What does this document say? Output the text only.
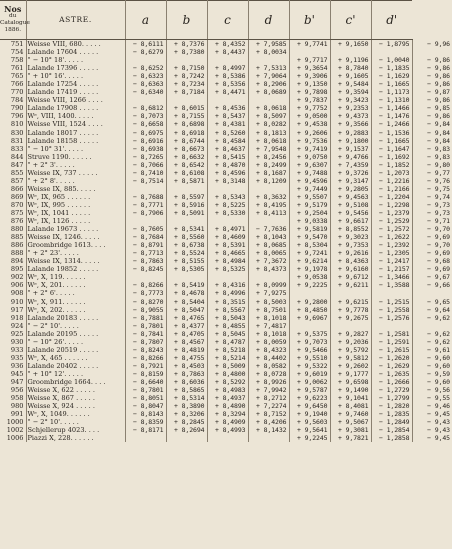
Nos
du Catalogue
1886.	ASTRE.	a	b	c	d	b'	c'	d'	
751	Weisse VIII, 680. . . . .	− 8,6111	+ 8,7376	+ 8,4352	+ 7,9585	+ 9,7741	+ 9,1650	− 1,8795	− 9,96
754	Lalande 17604 . . . . .	− 8,6279	+ 8,7380	+ 8,4437	+ 8,0034				
758	" − 10° 18'. . . . .					+ 9,7717	+ 9,1196	− 1,0040	− 9,86
761	Lalande 17396 . . . . .	− 8,6252	+ 8,7150	+ 8,4997	+ 7,5313	+ 9,3654	+ 8,7840	− 1,1835	− 9,86
765	" + 10° 16'. . . . .	− 8,6323	+ 8,7242	+ 8,5386	+ 7,9064	+ 9,3906	+ 9,1605	− 1,1629	− 9,86
766	Lalande 17254 . . . . .	− 8,6363	+ 8,7234	+ 8,5356	+ 8,2906	+ 9,1350	+ 9,5484	− 1,1665	− 9,86
770	Lalande 17419 . . . . .	− 8,6340	+ 8,7184	+ 8,4471	+ 8,0689	+ 9,7898	+ 9,3594	− 1,1173	− 9,87
784	Weisse VIII, 1266 . . . .					+ 9,7837	+ 9,3423	− 1,1310	− 9,86
790	Lalande 17908 . . . . .	− 8,6812	+ 8,6015	+ 8,4536	+ 8,0618	+ 9,7752	+ 9,2353	− 1,1466	− 9,85
796	Wᵉ, VIII, 1400. . . . .	− 8,7073	+ 8,7155	+ 8,5437	+ 8,5097	+ 9,0500	+ 9,4373	− 1,1476	− 9,86
810	Weisse VIII, 1524 . . . .	− 8,6658	+ 8,6898	+ 8,4381	+ 8,0282	+ 9,4538	+ 9,3566	− 1,2466	− 9,84
830	Lalande 18017 . . . . .	− 8,6975	+ 8,6918	+ 8,5260	+ 8,1813	+ 9,2606	+ 9,2883	− 1,1536	− 9,84
831	Lalande 18158 . . . . .	− 8,6916	+ 8,6744	+ 8,4584	+ 8,0618	+ 9,7536	+ 9,1800	− 1,1665	− 9,84
833	" − 10° 31'. . . . .	− 8,6938	+ 8,6673	+ 8,4637	+ 7,9548	+ 9,7419	+ 9,1537	− 1,1647	− 9,83
844	Struve 1190. . . . . .	− 8,7265	+ 8,6632	+ 8,5415	+ 8,2456	+ 9,0750	+ 9,4766	− 1,1692	− 9,83
847	" + 2° 3'. . . . .	− 8,7066	+ 8,6542	+ 8,4870	+ 8,2499	+ 9,6307	+ 7,4359	− 1,1852	− 9,80
855	Weisse IX, 737 . . . . .	− 8,7410	+ 8,6108	+ 8,4596	+ 8,1687	+ 9,7488	+ 9,3726	− 1,2073	− 9,77
857	" + 2° 8'. . . . .	− 8,7514	+ 8,5871	+ 8,3148	+ 8,1209	+ 9,4596	+ 9,3147	− 1,2216	− 9,76
866	Weisse IX, 885. . . . .					+ 9,7449	+ 9,2805	− 1,2166	− 9,75
869	Wᵉ, IX, 965 . . . . . .	− 8,7688	+ 8,5597	+ 8,5343	+ 8,3632	+ 9,5507	+ 9,4563	− 1,2204	− 9,74
870	Wᵉ, IX, 995 . . . . . .	− 8,7771	+ 8,5916	+ 8,5225	+ 8,4195	+ 9,5179	+ 9,5108	− 1,2298	− 9,73
875	Wᵉ, IX, 1041 . . . . .	− 8,7906	+ 8,5091	+ 8,5330	+ 8,4113	+ 9,2504	+ 9,5456	− 1,2379	− 9,73
876	Wᵉ, IX, 1126 . . . . .					+ 9,0338	+ 9,6617	− 1,2529	− 9,71
880	Lalande 19673 . . . . .	− 8,7605	+ 8,5341	+ 8,4971	− 7,7636	+ 9,5819	+ 8,8552	− 1,2572	− 9,70
885	Weisse IX, 1246. . . . .	− 8,7684	+ 8,5560	+ 8,4609	+ 8,1043	+ 9,5470	+ 9,3023	− 1,2622	− 9,69
886	Groombridge 1613. . . .	− 8,8791	+ 8,6738	+ 8,5391	+ 8,0685	+ 8,5304	+ 9,7353	− 1,2392	− 9,70
888	" + 2° 23'. . . . .	− 8,7713	+ 8,5524	+ 8,4665	+ 8,0065	+ 9,7241	+ 9,2616	− 1,2305	− 9,69
894	Weisse IX, 1314. . . . .	− 8,7863	+ 8,5155	+ 8,4984	+ 7,3672	+ 9,6214	+ 8,4363	− 1,2417	− 9,68
895	Lalande 19852 . . . . .	− 8,8245	+ 8,5305	+ 8,5325	+ 8,4373	+ 9,1978	+ 9,6160	− 1,2157	− 9,69
902	Wᵉ, X, 119. . . . . .					+ 9,0538	+ 9,6712	− 1,3466	− 9,67
906	Wᵉ, X, 201. . . . . .	− 8,8266	+ 8,5419	+ 8,4316	+ 8,0999	+ 9,2225	+ 9,6211	− 1,3588	− 9,66
908	" + 2° 6'. . . . .	− 8,7773	+ 8,4678	+ 8,4996	+ 7,9275				
910	Wᵉ, X, 911. . . . . .	− 8,8270	+ 8,5404	+ 8,3515	+ 8,5003	+ 9,2800	+ 9,6215	− 1,2515	− 9,65
917	Wᵉ, X, 202. . . . . .	− 8,9055	+ 8,5047	+ 8,5567	+ 8,7501	+ 8,4850	+ 9,7778	− 1,2558	− 9,64
918	Lalande 20183 . . . . .	− 8,7881	+ 8,4765	+ 8,5043	+ 8,1018	+ 9,6967	+ 9,2675	− 1,2576	− 9,62
924	" − 2° 10'. . . . .	− 8,7801	+ 8,4377	+ 8,4855	+ 7,4817				
925	Lalande 20195 . . . . .	− 8,7841	+ 8,4705	+ 8,5045	+ 8,1018	+ 9,5375	+ 9,2827	− 1,2581	− 9,62
930	" − 10° 26'. . . . .	− 8,7807	+ 8,4567	+ 8,4787	+ 8,0059	+ 9,7073	+ 9,2036	− 1,2591	− 9,62
933	Lalande 20519 . . . . .	− 8,8243	+ 8,4819	+ 8,5218	+ 8,4323	+ 9,5466	+ 9,5792	− 1,2615	− 9,61
935	Wᵉ, X, 465 . . . . . .	− 8,8266	+ 8,4755	+ 8,5214	+ 8,4402	+ 9,5510	+ 9,5812	− 1,2620	− 9,60
936	Lalande 20402 . . . . .	− 8,7921	+ 8,4503	+ 8,5009	+ 8,0582	+ 9,5322	+ 9,2602	− 1,2629	− 9,60
945	" + 10° 12'. . . . .	− 8,8159	+ 8,7863	+ 8,4800	+ 8,0728	+ 9,6019	+ 9,1777	− 1,2635	− 9,59
947	Groombridge 1664. . . .	− 8,6640	+ 8,6036	+ 8,5292	+ 8,9926	+ 9,0062	+ 9,6598	− 1,2666	− 9,60
956	Weisse X, 622 . . . . .	− 8,7801	+ 8,5865	+ 8,4983	+ 7,9942	+ 9,5787	+ 9,1490	− 1,2729	− 9,56
958	Weisse X, 867 . . . . .	− 8,8051	+ 8,5314	+ 8,4937	+ 8,2712	+ 9,6223	+ 9,1041	− 1,2799	− 9,55
980	Weisse X, 924 . . . . .	− 8,8047	+ 8,3890	+ 8,4890	+ 7,2274	+ 9,6450	+ 8,4081	− 1,2820	− 9,46
991	Wᵉ, X, 1049. . . . . .	− 8,8143	+ 8,3206	+ 8,3294	+ 8,7152	+ 9,1940	+ 9,7460	− 1,2835	− 9,45
1000	" − 2° 10'. . . . .	− 8,8359	+ 8,2845	+ 8,4909	+ 8,4206	+ 9,5603	+ 9,5067	− 1,2849	− 9,43
1002	Schjellerup 4023. . . .	− 8,8171	+ 8,2694	+ 8,4993	+ 8,1432	+ 9,5641	+ 9,3081	− 1,2854	− 9,43
1006	Piazzi X, 228. . . . . .					+ 9,2245	+ 9,7821	− 1,2858	− 9,45
